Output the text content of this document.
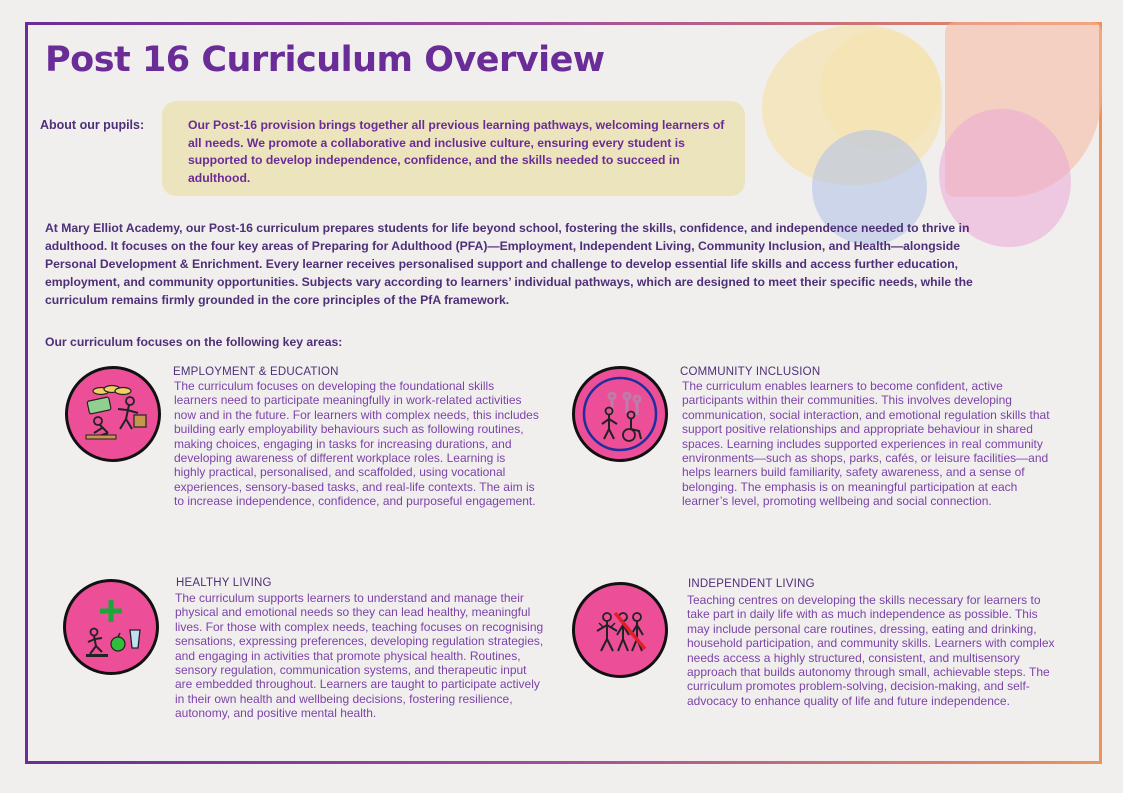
Post 16 Curriculum Overview
About our pupils:	Our Post-16 provision brings together all previous learning pathways, welcoming learners of all needs. We promote a collaborative and inclusive culture, ensuring every student is supported to develop independence, confidence, and the skills needed to succeed in adulthood.
At Mary Elliot Academy, our Post-16 curriculum prepares students for life beyond school, fostering the skills, confidence, and independence needed to thrive in adulthood. It focuses on the four key areas of Preparing for Adulthood (PFA)—Employment, Independent Living, Community Inclusion, and Health—alongside Personal Development & Enrichment. Every learner receives personalised support and challenge to develop essential life skills and access further education, employment, and community opportunities. Subjects vary according to learners’ individual pathways, which are designed to meet their specific needs, while the curriculum remains firmly grounded in the core principles of the PfA framework.
Our curriculum focuses on the following key areas:
EMPLOYMENT & EDUCATION
The curriculum focuses on developing the foundational skills learners need to participate meaningfully in work-related activities now and in the future. For learners with complex needs, this includes building early employability behaviours such as following routines, making choices, engaging in tasks for increasing durations, and developing awareness of different workplace roles. Learning is highly practical, personalised, and scaffolded, using vocational experiences, sensory-based tasks, and real-life contexts. The aim is to increase independence, confidence, and purposeful engagement.
COMMUNITY INCLUSION
The curriculum enables learners to become confident, active participants within their communities. This involves developing communication, social interaction, and emotional regulation skills that support positive relationships and appropriate behaviour in shared spaces. Learning includes supported experiences in real community environments—such as shops, parks, cafés, or leisure facilities—and helps learners build familiarity, safety awareness, and a sense of belonging. The emphasis is on meaningful participation at each learner’s level, promoting wellbeing and social connection.
HEALTHY LIVING
The curriculum supports learners to understand and manage their physical and emotional needs so they can lead healthy, meaningful lives. For those with complex needs, teaching focuses on recognising sensations, expressing preferences, developing regulation strategies, and engaging in activities that promote physical health. Routines, sensory regulation, communication systems, and therapeutic input are embedded throughout. Learners are taught to participate actively in their own health and wellbeing decisions, fostering resilience, autonomy, and positive mental health.
INDEPENDENT LIVING
Teaching centres on developing the skills necessary for learners to take part in daily life with as much independence as possible. This may include personal care routines, dressing, eating and drinking, household participation, and community skills. Learners with complex needs access a highly structured, consistent, and multisensory approach that builds autonomy through small, achievable steps. The curriculum promotes problem-solving, decision-making, and self-advocacy to enhance quality of life and future independence.
